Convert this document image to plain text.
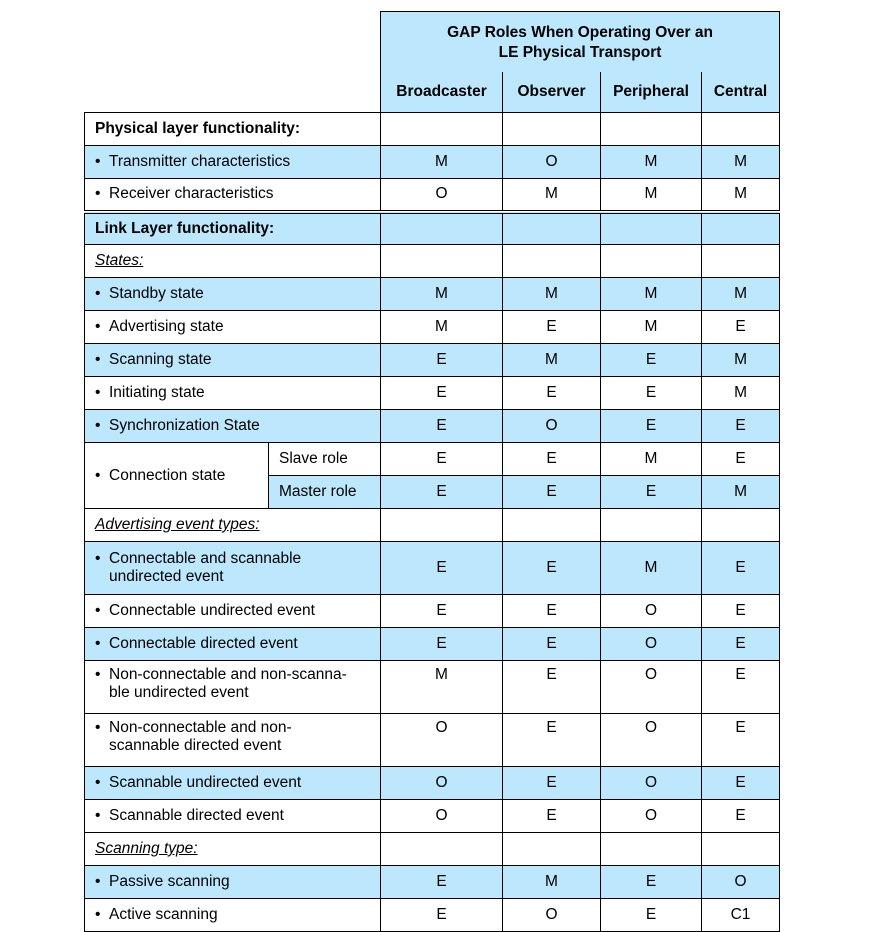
		GAP Roles When Operating Over an
LE Physical Transport			

		Broadcaster	Observer	Peripheral	Central
Physical layer functionality:					
• Transmitter characteristics		M	O	M	M
• Receiver characteristics		O	M	M	M
Link Layer functionality:					
States:					
• Standby state		M	M	M	M
• Advertising state		M	E	M	E
• Scanning state		E	M	E	M
• Initiating state		E	E	E	M
• Synchronization State		E	O	E	E
• Connection state	Slave role	E	E	M	E
	Master role	E	E	E	M
Advertising event types:					
• Connectable and scannable
undirected event		E	E	M	E
• Connectable undirected event		E	E	O	E
• Connectable directed event		E	E	O	E
• Non-connectable and non-scanna-
ble undirected event		M	E	O	E
• Non-connectable and non-
scannable directed event		O	E	O	E
• Scannable undirected event		O	E	O	E
• Scannable directed event		O	E	O	E
Scanning type:					
• Passive scanning		E	M	E	O
• Active scanning		E	O	E	C1
